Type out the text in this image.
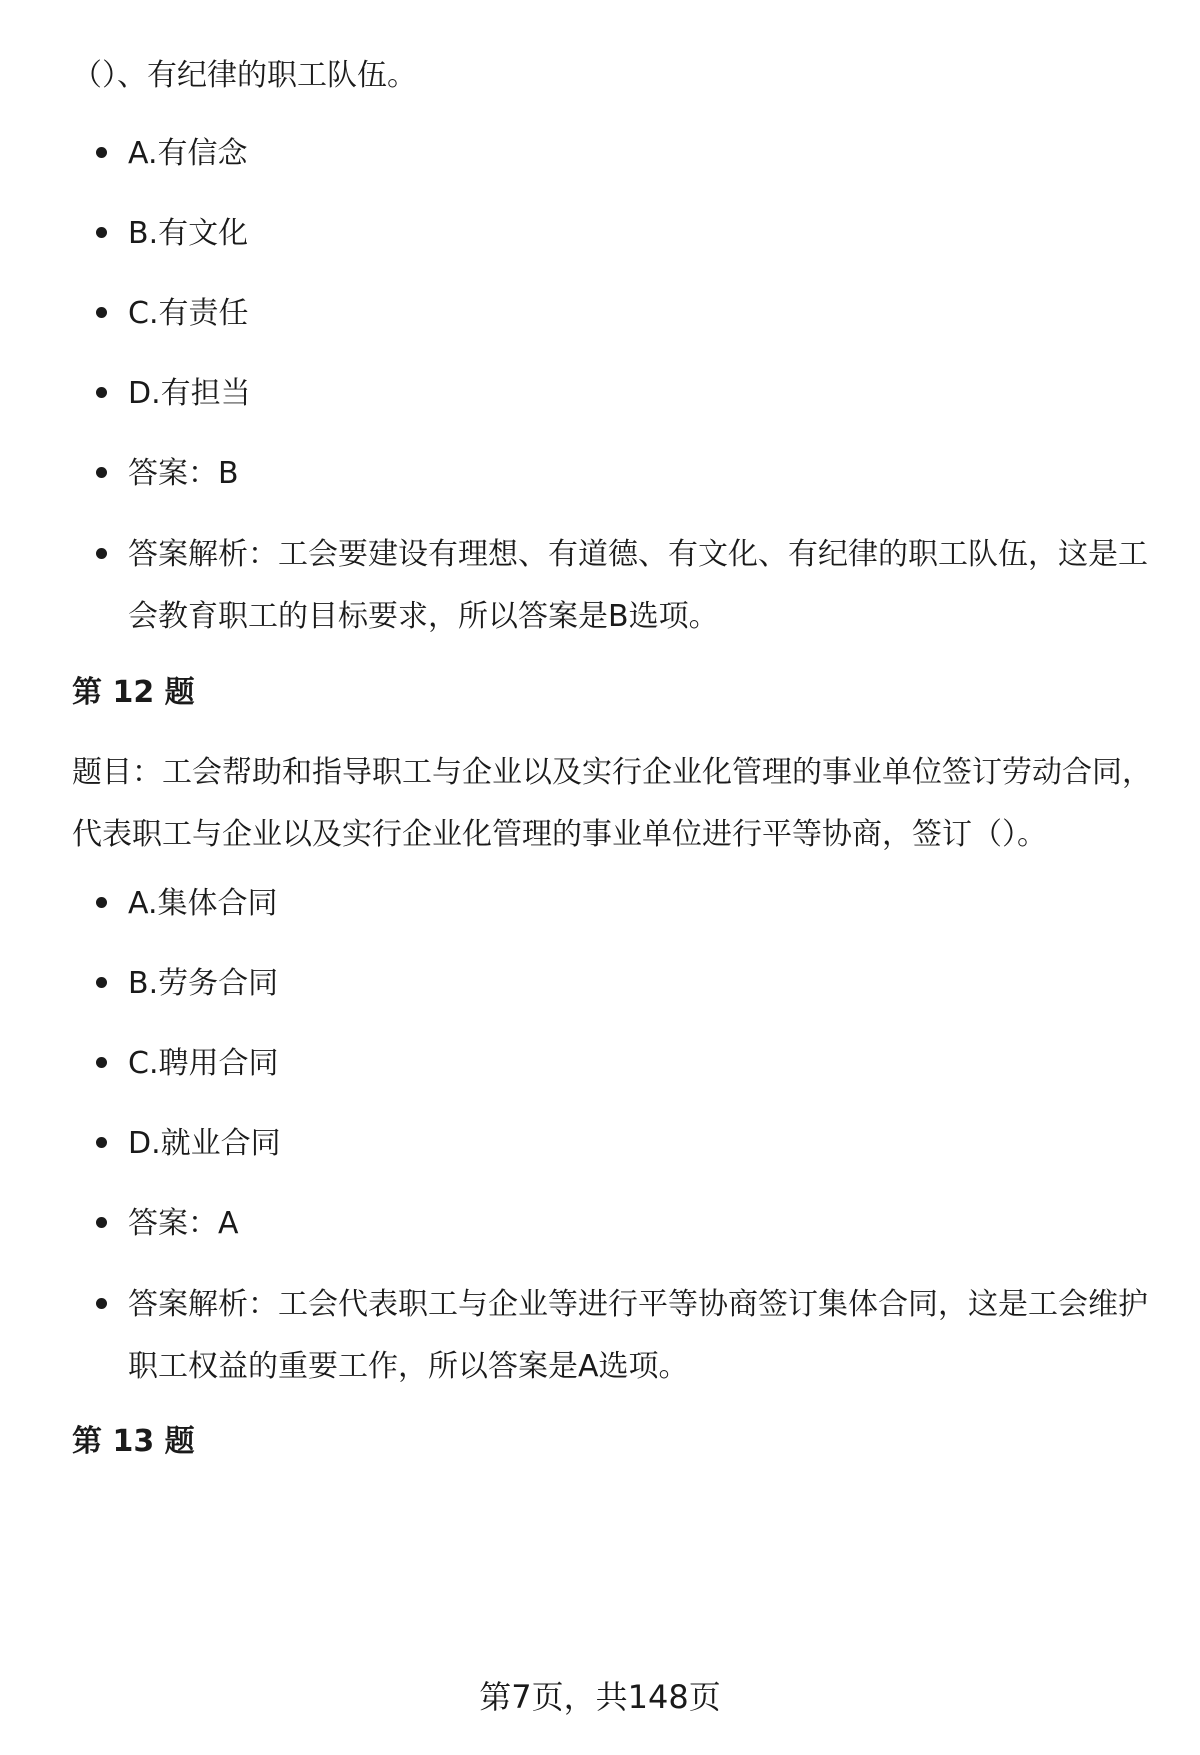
（）、有纪律的职工队伍。
A.有信念
B.有文化
C.有责任
D.有担当
答案：B
答案解析：工会要建设有理想、有道德、有文化、有纪律的职工队伍，这是工会教育职工的目标要求，所以答案是B选项。
第 12 题
题目：工会帮助和指导职工与企业以及实行企业化管理的事业单位签订劳动合同，代表职工与企业以及实行企业化管理的事业单位进行平等协商，签订（）。
A.集体合同
B.劳务合同
C.聘用合同
D.就业合同
答案：A
答案解析：工会代表职工与企业等进行平等协商签订集体合同，这是工会维护职工权益的重要工作，所以答案是A选项。
第 13 题
第7页，共148页
